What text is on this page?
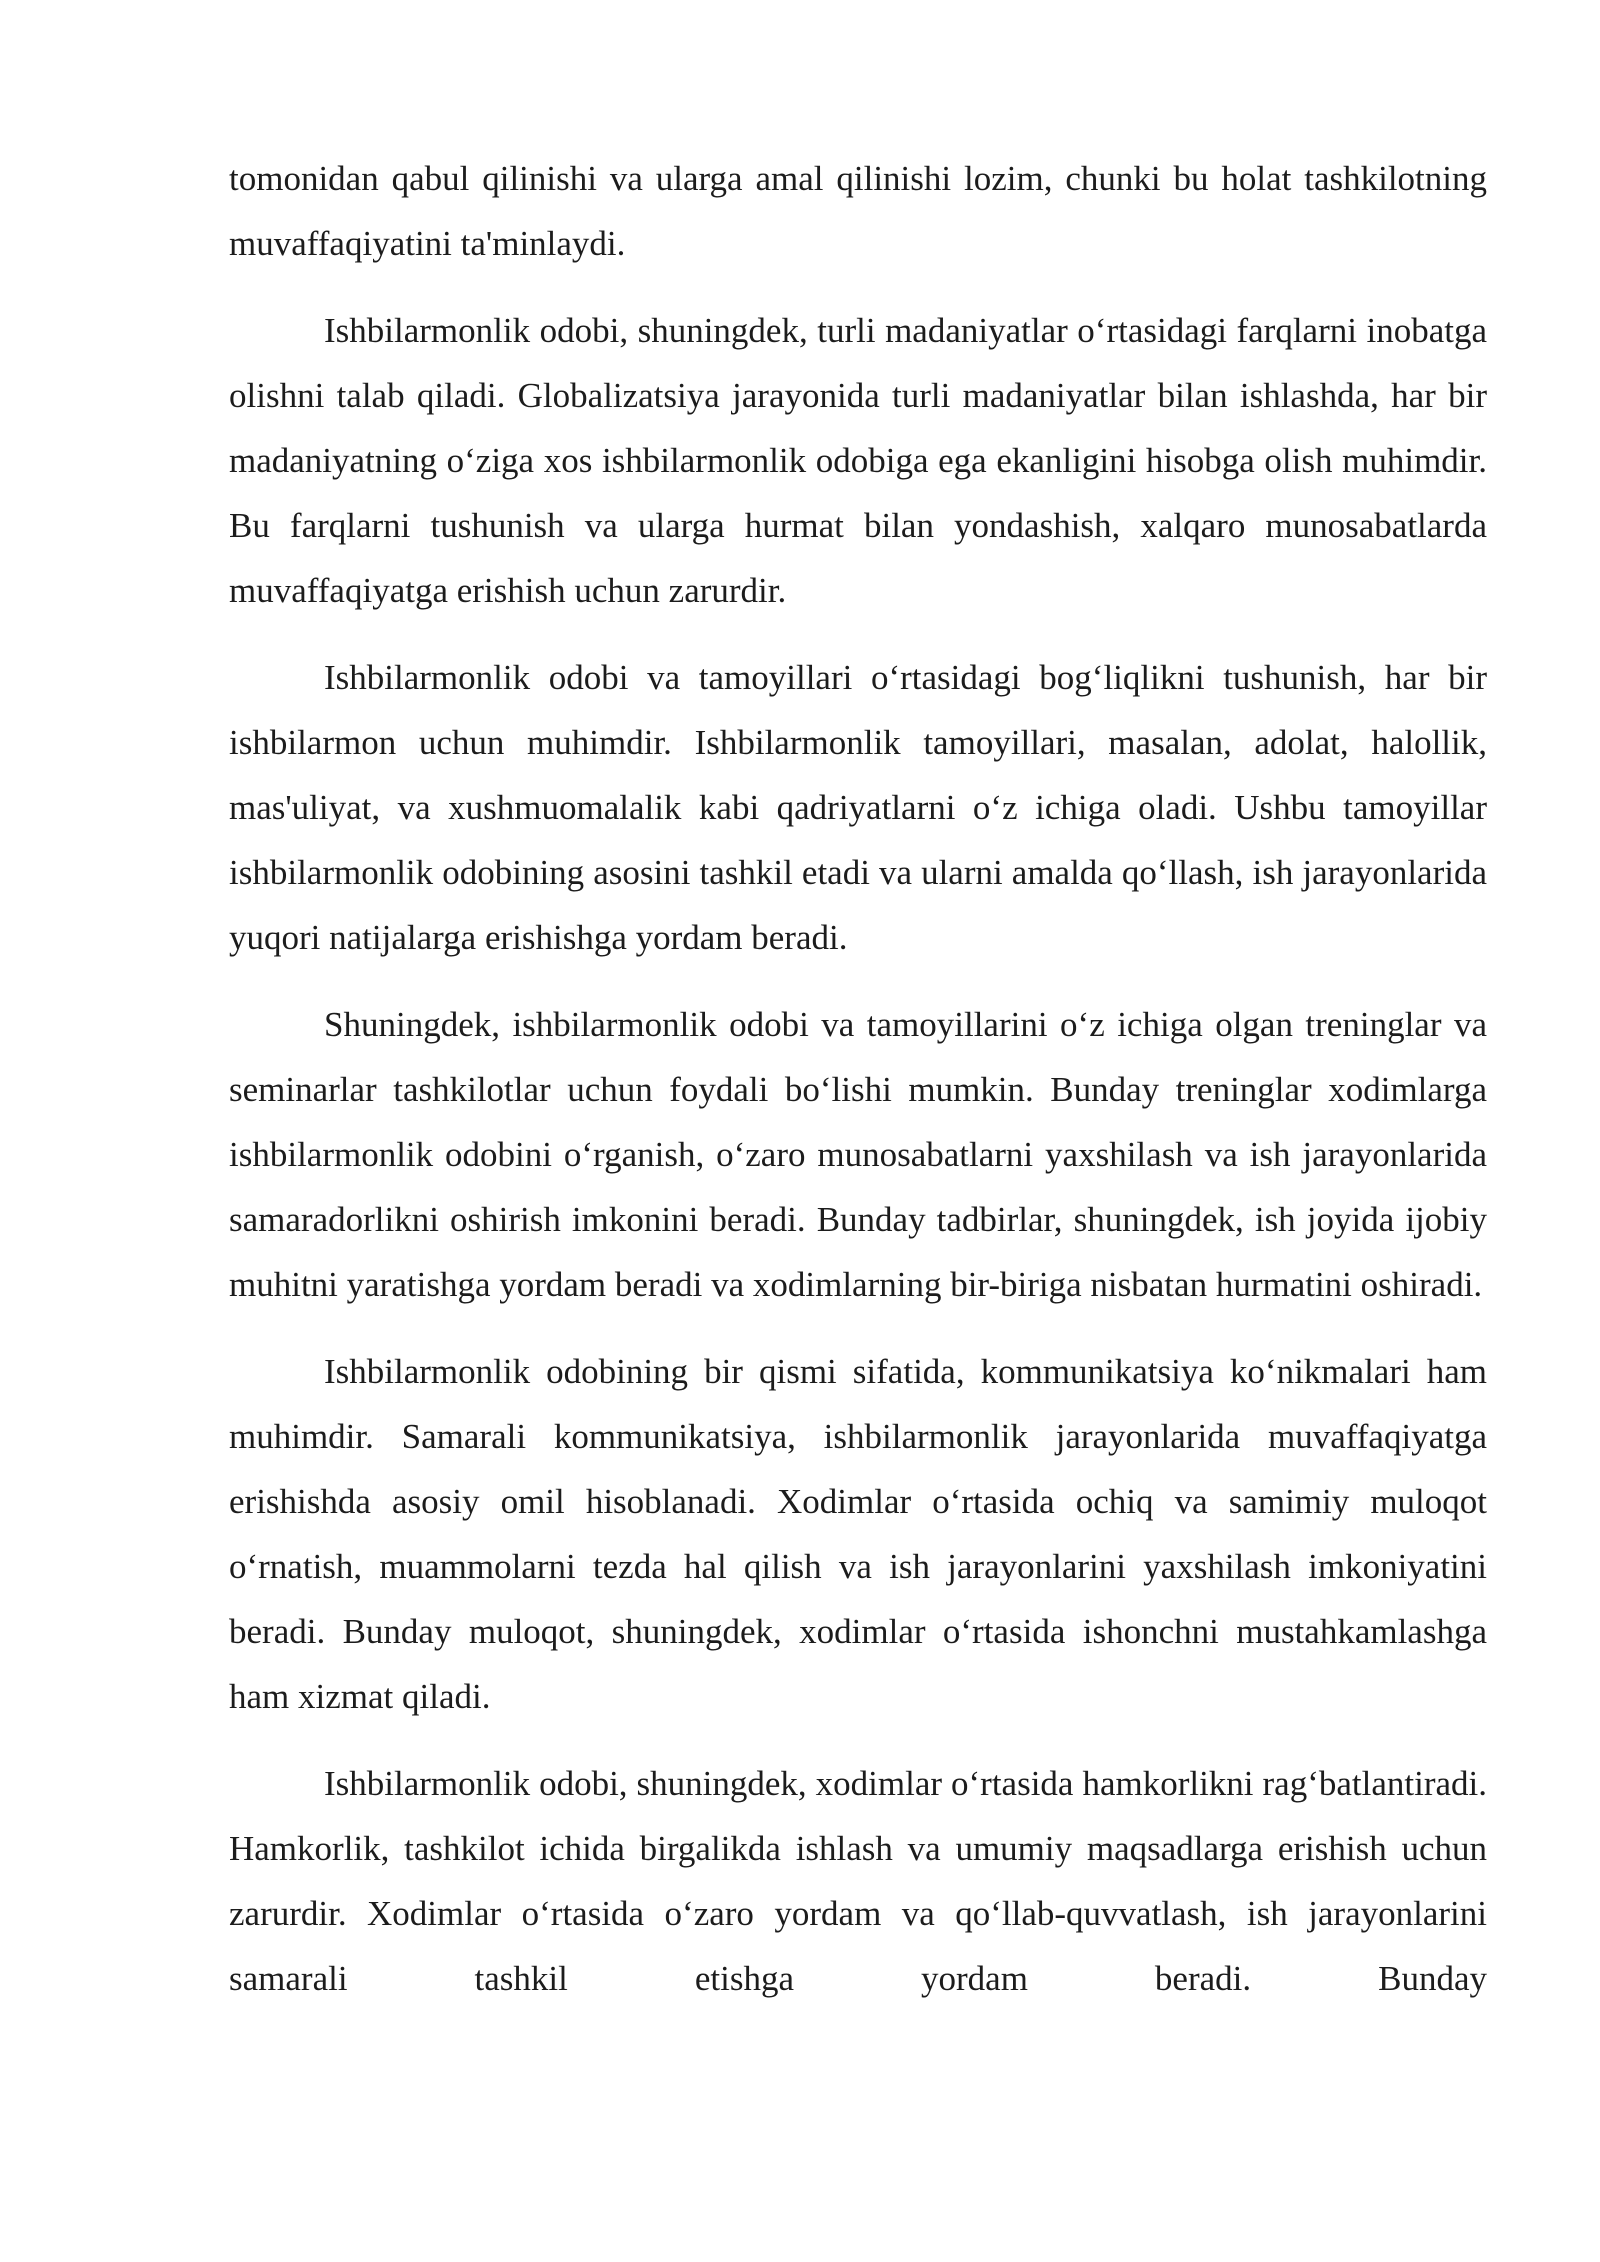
tomonidan qabul qilinishi va ularga amal qilinishi lozim, chunki bu holat tashkilotning muvaffaqiyatini ta'minlaydi.

Ishbilarmonlik odobi, shuningdek, turli madaniyatlar o‘rtasidagi farqlarni inobatga olishni talab qiladi. Globalizatsiya jarayonida turli madaniyatlar bilan ishlashda, har bir madaniyatning o‘ziga xos ishbilarmonlik odobiga ega ekanligini hisobga olish muhimdir. Bu farqlarni tushunish va ularga hurmat bilan yondashish, xalqaro munosabatlarda muvaffaqiyatga erishish uchun zarurdir.

Ishbilarmonlik odobi va tamoyillari o‘rtasidagi bog‘liqlikni tushunish, har bir ishbilarmon uchun muhimdir. Ishbilarmonlik tamoyillari, masalan, adolat, halollik, mas'uliyat, va xushmuomalalik kabi qadriyatlarni o‘z ichiga oladi. Ushbu tamoyillar ishbilarmonlik odobining asosini tashkil etadi va ularni amalda qo‘llash, ish jarayonlarida yuqori natijalarga erishishga yordam beradi.

Shuningdek, ishbilarmonlik odobi va tamoyillarini o‘z ichiga olgan treninglar va seminarlar tashkilotlar uchun foydali bo‘lishi mumkin. Bunday treninglar xodimlarga ishbilarmonlik odobini o‘rganish, o‘zaro munosabatlarni yaxshilash va ish jarayonlarida samaradorlikni oshirish imkonini beradi. Bunday tadbirlar, shuningdek, ish joyida ijobiy muhitni yaratishga yordam beradi va xodimlarning bir-biriga nisbatan hurmatini oshiradi.

Ishbilarmonlik odobining bir qismi sifatida, kommunikatsiya ko‘nikmalari ham muhimdir. Samarali kommunikatsiya, ishbilarmonlik jarayonlarida muvaffaqiyatga erishishda asosiy omil hisoblanadi. Xodimlar o‘rtasida ochiq va samimiy muloqot o‘rnatish, muammolarni tezda hal qilish va ish jarayonlarini yaxshilash imkoniyatini beradi. Bunday muloqot, shuningdek, xodimlar o‘rtasida ishonchni mustahkamlashga ham xizmat qiladi.

Ishbilarmonlik odobi, shuningdek, xodimlar o‘rtasida hamkorlikni rag‘batlantiradi. Hamkorlik, tashkilot ichida birgalikda ishlash va umumiy maqsadlarga erishish uchun zarurdir. Xodimlar o‘rtasida o‘zaro yordam va qo‘llab-quvvatlash, ish jarayonlarini samarali tashkil etishga yordam beradi. Bunday
